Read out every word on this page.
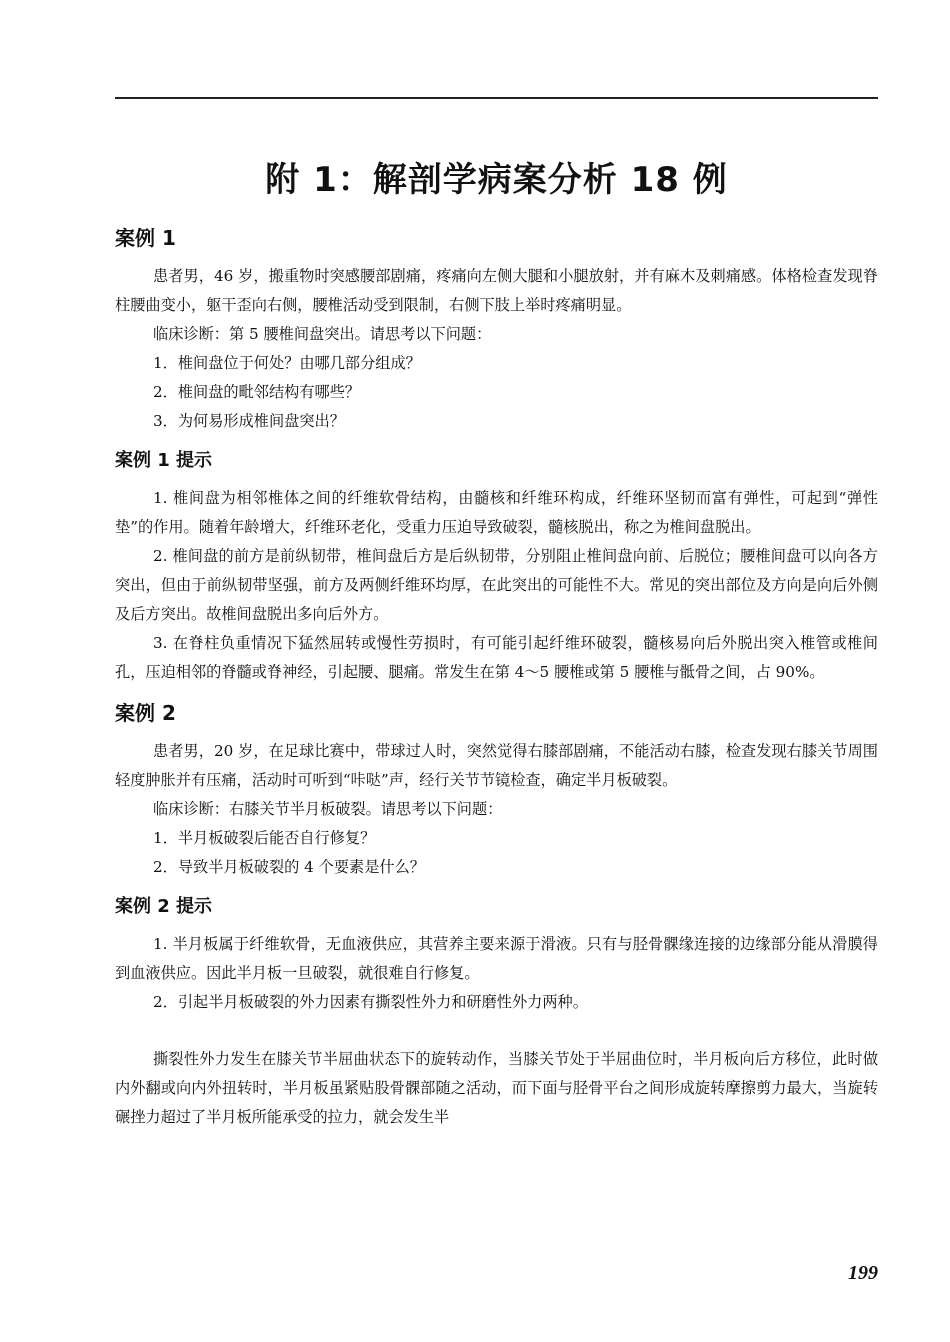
附 1：解剖学病案分析 18 例
案例 1

患者男，46 岁，搬重物时突感腰部剧痛，疼痛向左侧大腿和小腿放射，并有麻木及刺痛感。体格检查发现脊柱腰曲变小，躯干歪向右侧，腰椎活动受到限制，右侧下肢上举时疼痛明显。

临床诊断：第 5 腰椎间盘突出。请思考以下问题：

1．椎间盘位于何处？由哪几部分组成？

2．椎间盘的毗邻结构有哪些？

3．为何易形成椎间盘突出？

案例 1 提示

1. 椎间盘为相邻椎体之间的纤维软骨结构，由髓核和纤维环构成，纤维环坚韧而富有弹性，可起到“弹性垫”的作用。随着年龄增大，纤维环老化，受重力压迫导致破裂，髓核脱出，称之为椎间盘脱出。

2. 椎间盘的前方是前纵韧带，椎间盘后方是后纵韧带，分别阻止椎间盘向前、后脱位；腰椎间盘可以向各方突出，但由于前纵韧带坚强，前方及两侧纤维环均厚，在此突出的可能性不大。常见的突出部位及方向是向后外侧及后方突出。故椎间盘脱出多向后外方。

3. 在脊柱负重情况下猛然屈转或慢性劳损时，有可能引起纤维环破裂，髓核易向后外脱出突入椎管或椎间孔，压迫相邻的脊髓或脊神经，引起腰、腿痛。常发生在第 4～5 腰椎或第 5 腰椎与骶骨之间，占 90%。

案例 2

患者男，20 岁，在足球比赛中，带球过人时，突然觉得右膝部剧痛，不能活动右膝，检查发现右膝关节周围轻度肿胀并有压痛，活动时可听到“咔哒”声，经行关节节镜检查，确定半月板破裂。

临床诊断：右膝关节半月板破裂。请思考以下问题：

1．半月板破裂后能否自行修复？

2．导致半月板破裂的 4 个要素是什么？

案例 2 提示

1. 半月板属于纤维软骨，无血液供应，其营养主要来源于滑液。只有与胫骨髁缘连接的边缘部分能从滑膜得到血液供应。因此半月板一旦破裂，就很难自行修复。

2．引起半月板破裂的外力因素有撕裂性外力和研磨性外力两种。

撕裂性外力发生在膝关节半屈曲状态下的旋转动作，当膝关节处于半屈曲位时，半月板向后方移位，此时做内外翻或向内外扭转时，半月板虽紧贴股骨髁部随之活动，而下面与胫骨平台之间形成旋转摩擦剪力最大，当旋转碾挫力超过了半月板所能承受的拉力，就会发生半

199
